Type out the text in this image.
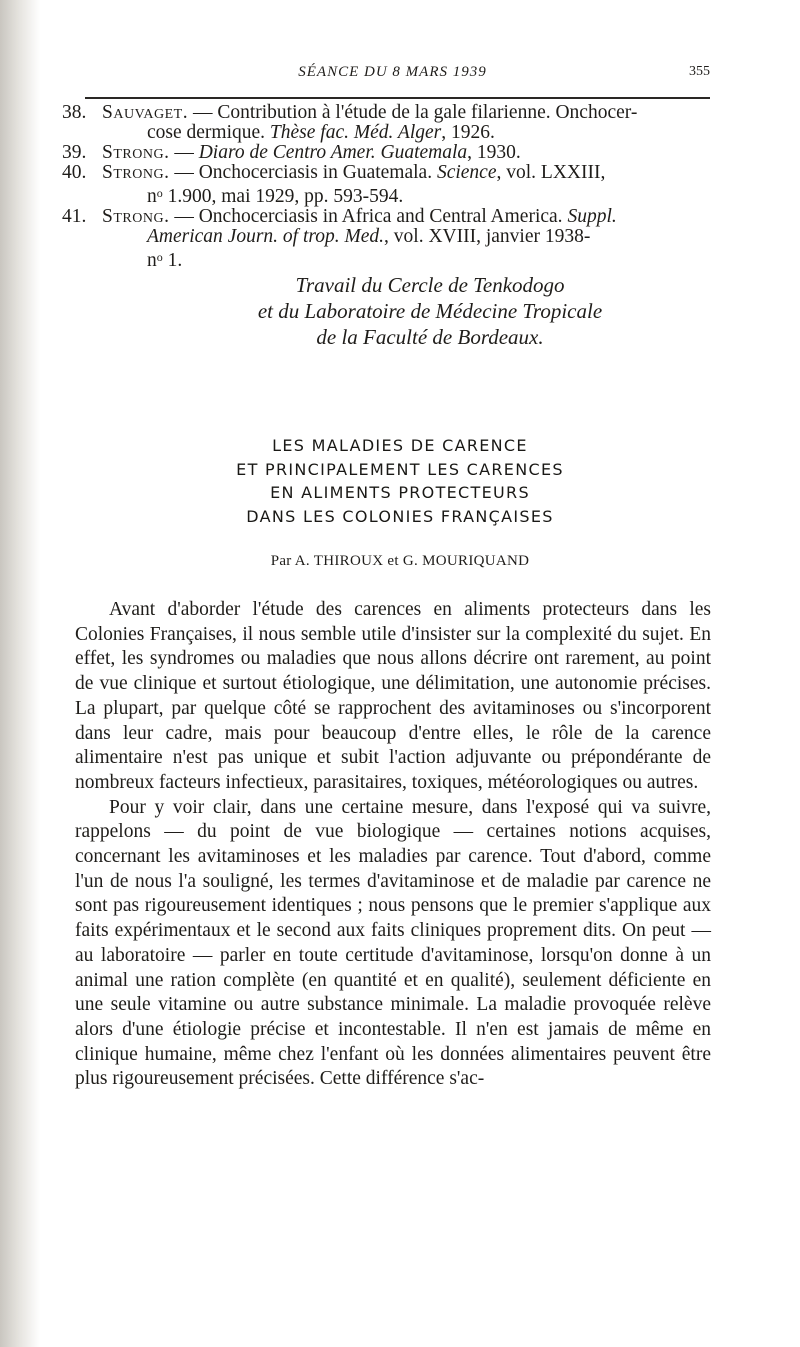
SÉANCE DU 8 MARS 1939	355
38. Sauvaget. — Contribution à l'étude de la gale filarienne. Onchocer-
cose dermique. Thèse fac. Méd. Alger, 1926.
39. Strong. — Diaro de Centro Amer. Guatemala, 1930.
40. Strong. — Onchocerciasis in Guatemala. Science, vol. LXXIII,
$n^o$ 1.900, mai 1929, pp. 593-594.
41. Strong. — Onchocerciasis in Africa and Central America. Suppl.
American Journ. of trop. Med., vol. XVIII, janvier 1938-
$n^o$ 1.
Travail du Cercle de Tenkodogo
et du Laboratoire de Médecine Tropicale
de la Faculté de Bordeaux.
LES MALADIES DE CARENCE
ET PRINCIPALEMENT LES CARENCES
EN ALIMENTS PROTECTEURS
DANS LES COLONIES FRANÇAISES
Par A. THIROUX et G. MOURIQUAND

Avant d'aborder l'étude des carences en aliments protecteurs dans les Colonies Françaises, il nous semble utile d'insister sur la complexité du sujet. En effet, les syndromes ou maladies que nous allons décrire ont rarement, au point de vue clinique et surtout étiologique, une délimitation, une autonomie précises. La plupart, par quelque côté se rapprochent des avitaminoses ou s'incorporent dans leur cadre, mais pour beaucoup d'entre elles, le rôle de la carence alimentaire n'est pas unique et subit l'action adjuvante ou prépondérante de nombreux facteurs infectieux, parasitaires, toxiques, météorologiques ou autres.

Pour y voir clair, dans une certaine mesure, dans l'exposé qui va suivre, rappelons — du point de vue biologique — certaines notions acquises, concernant les avitaminoses et les maladies par carence. Tout d'abord, comme l'un de nous l'a souligné, les termes d'avitaminose et de maladie par carence ne sont pas rigoureusement identiques ; nous pensons que le premier s'applique aux faits expérimentaux et le second aux faits cliniques proprement dits. On peut — au laboratoire — parler en toute certitude d'avitaminose, lorsqu'on donne à un animal une ration complète (en quantité et en qualité), seulement déficiente en une seule vitamine ou autre substance minimale. La maladie provoquée relève alors d'une étiologie précise et incontestable. Il n'en est jamais de même en clinique humaine, même chez l'enfant où les données alimentaires peuvent être plus rigoureusement précisées. Cette différence s'ac-
